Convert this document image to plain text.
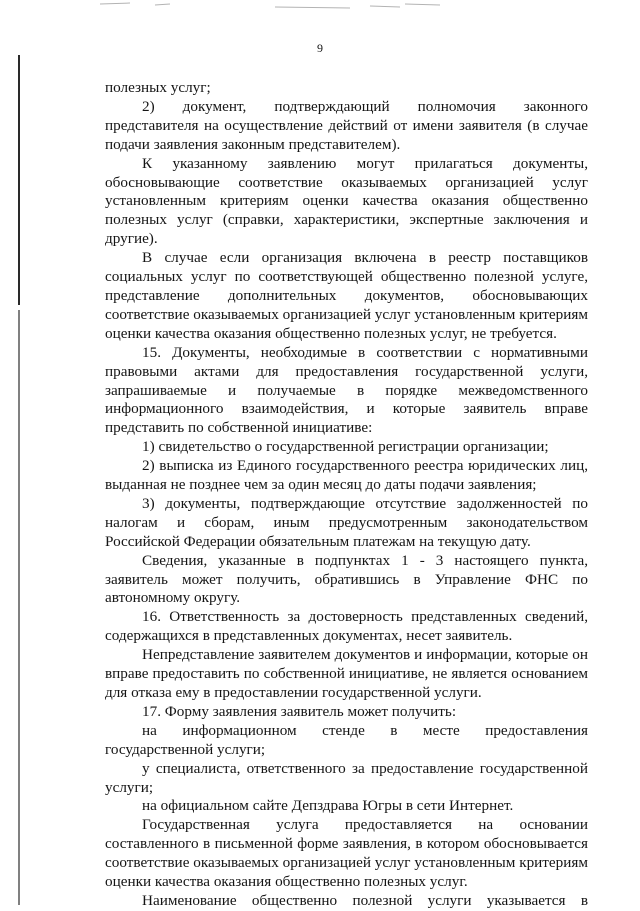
9

полезных услуг;

2) документ, подтверждающий полномочия законного представителя на осуществление действий от имени заявителя (в случае подачи заявления законным представителем).

К указанному заявлению могут прилагаться документы, обосновывающие соответствие оказываемых организацией услуг установленным критериям оценки качества оказания общественно полезных услуг (справки, характеристики, экспертные заключения и другие).

В случае если организация включена в реестр поставщиков социальных услуг по соответствующей общественно полезной услуге, представление дополнительных документов, обосновывающих соответствие оказываемых организацией услуг установленным критериям оценки качества оказания общественно полезных услуг, не требуется.

15. Документы, необходимые в соответствии с нормативными правовыми актами для предоставления государственной услуги, запрашиваемые и получаемые в порядке межведомственного информационного взаимодействия, и которые заявитель вправе представить по собственной инициативе:

1) свидетельство о государственной регистрации организации;

2) выписка из Единого государственного реестра юридических лиц, выданная не позднее чем за один месяц до даты подачи заявления;

3) документы, подтверждающие отсутствие задолженностей по налогам и сборам, иным предусмотренным законодательством Российской Федерации обязательным платежам на текущую дату.

Сведения, указанные в подпунктах 1 - 3 настоящего пункта, заявитель может получить, обратившись в Управление ФНС по автономному округу.

16. Ответственность за достоверность представленных сведений, содержащихся в представленных документах, несет заявитель.

Непредставление заявителем документов и информации, которые он вправе предоставить по собственной инициативе, не является основанием для отказа ему в предоставлении государственной услуги.

17. Форму заявления заявитель может получить:

на информационном стенде в месте предоставления государственной услуги;

у специалиста, ответственного за предоставление государственной услуги;

на официальном сайте Депздрава Югры в сети Интернет.

Государственная услуга предоставляется на основании составленного в письменной форме заявления, в котором обосновывается соответствие оказываемых организацией услуг установленным критериям оценки качества оказания общественно полезных услуг.

Наименование общественно полезной услуги указывается в
